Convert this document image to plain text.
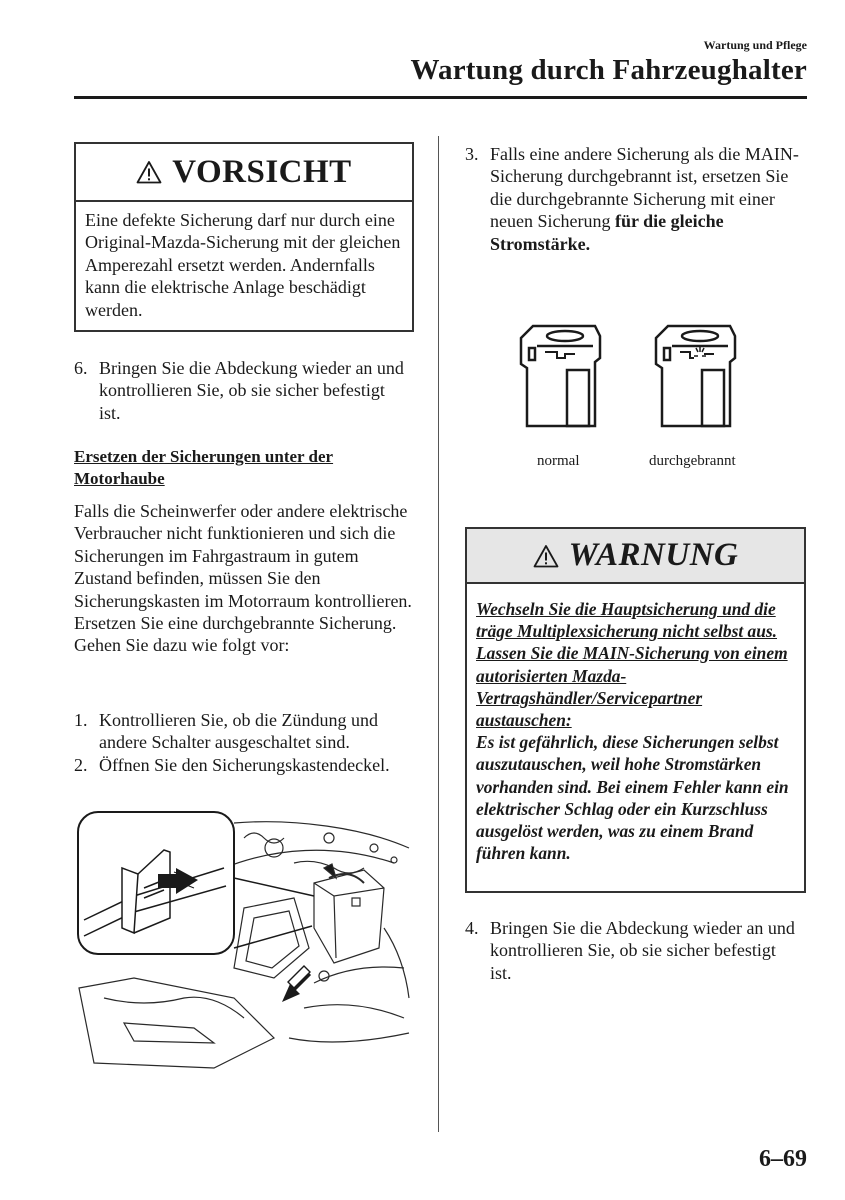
Wartung und Pflege
Wartung durch Fahrzeughalter
VORSICHT
Eine defekte Sicherung darf nur durch eine Original-Mazda-Sicherung mit der gleichen Amperezahl ersetzt werden. Andernfalls kann die elektrische Anlage beschädigt werden.
6. Bringen Sie die Abdeckung wieder an und kontrollieren Sie, ob sie sicher befestigt ist.
Ersetzen der Sicherungen unter der
Motorhaube
Falls die Scheinwerfer oder andere elektrische Verbraucher nicht funktionieren und sich die Sicherungen im Fahrgastraum in gutem Zustand befinden, müssen Sie den Sicherungskasten im Motorraum kontrollieren. Ersetzen Sie eine durchgebrannte Sicherung. Gehen Sie dazu wie folgt vor:
1. Kontrollieren Sie, ob die Zündung und andere Schalter ausgeschaltet sind.
2. Öffnen Sie den Sicherungskastendeckel.
3. Falls eine andere Sicherung als die MAIN-Sicherung durchgebrannt ist, ersetzen Sie die durchgebrannte Sicherung mit einer neuen Sicherung für die gleiche Stromstärke.
normal	durchgebrannt
WARNUNG
Wechseln Sie die Hauptsicherung und die träge Multiplexsicherung nicht selbst aus. Lassen Sie die MAIN-Sicherung von einem autorisierten Mazda-Vertragshändler/Servicepartner austauschen:
Es ist gefährlich, diese Sicherungen selbst auszutauschen, weil hohe Stromstärken vorhanden sind. Bei einem Fehler kann ein elektrischer Schlag oder ein Kurzschluss ausgelöst werden, was zu einem Brand führen kann.
4. Bringen Sie die Abdeckung wieder an und kontrollieren Sie, ob sie sicher befestigt ist.
6–69
